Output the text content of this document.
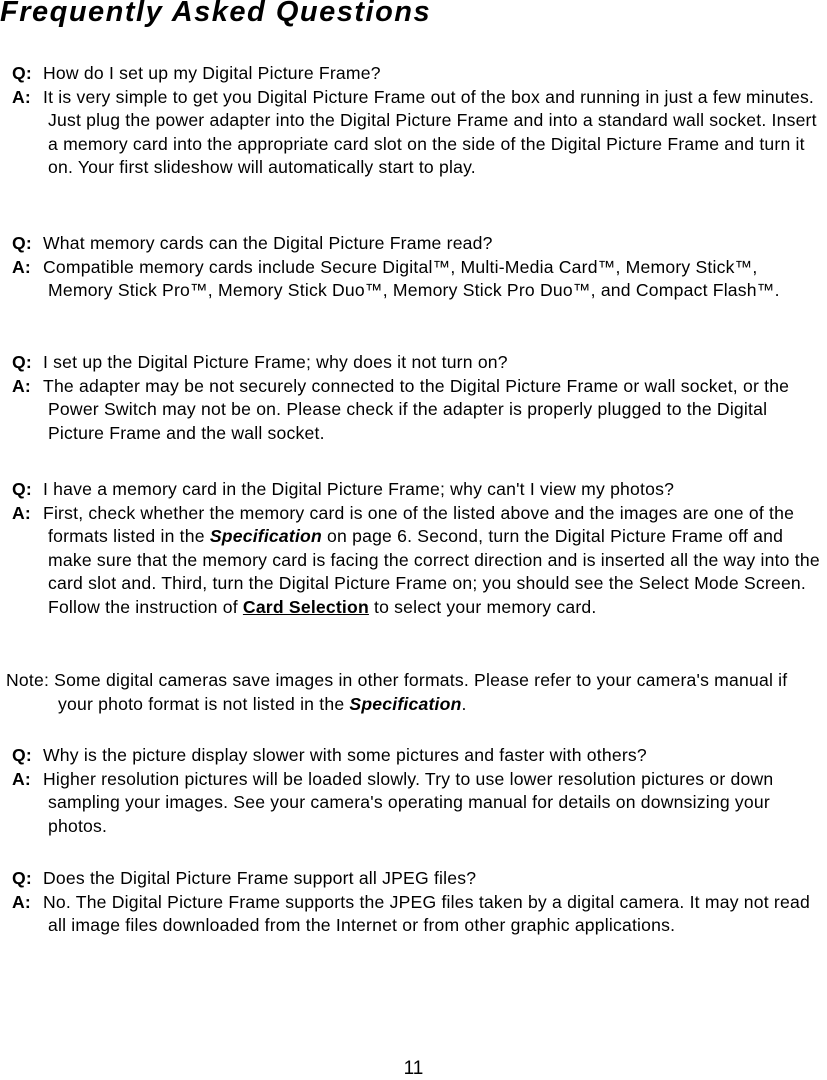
Frequently Asked Questions
Q: How do I set up my Digital Picture Frame?
A: It is very simple to get you Digital Picture Frame out of the box and running in just a few minutes. Just plug the power adapter into the Digital Picture Frame and into a standard wall socket. Insert a memory card into the appropriate card slot on the side of the Digital Picture Frame and turn it on. Your first slideshow will automatically start to play.
Q: What memory cards can the Digital Picture Frame read?
A: Compatible memory cards include Secure Digital™, Multi-Media Card™, Memory Stick™, Memory Stick Pro™, Memory Stick Duo™, Memory Stick Pro Duo™, and Compact Flash™.
Q: I set up the Digital Picture Frame; why does it not turn on?
A: The adapter may be not securely connected to the Digital Picture Frame or wall socket, or the Power Switch may not be on. Please check if the adapter is properly plugged to the Digital Picture Frame and the wall socket.
Q: I have a memory card in the Digital Picture Frame; why can't I view my photos?
A: First, check whether the memory card is one of the listed above and the images are one of the formats listed in the Specification on page 6. Second, turn the Digital Picture Frame off and make sure that the memory card is facing the correct direction and is inserted all the way into the card slot and. Third, turn the Digital Picture Frame on; you should see the Select Mode Screen. Follow the instruction of Card Selection to select your memory card.
Note: Some digital cameras save images in other formats. Please refer to your camera's manual if your photo format is not listed in the Specification.
Q: Why is the picture display slower with some pictures and faster with others?
A: Higher resolution pictures will be loaded slowly. Try to use lower resolution pictures or down sampling your images. See your camera's operating manual for details on downsizing your photos.
Q: Does the Digital Picture Frame support all JPEG files?
A: No. The Digital Picture Frame supports the JPEG files taken by a digital camera. It may not read all image files downloaded from the Internet or from other graphic applications.
11
